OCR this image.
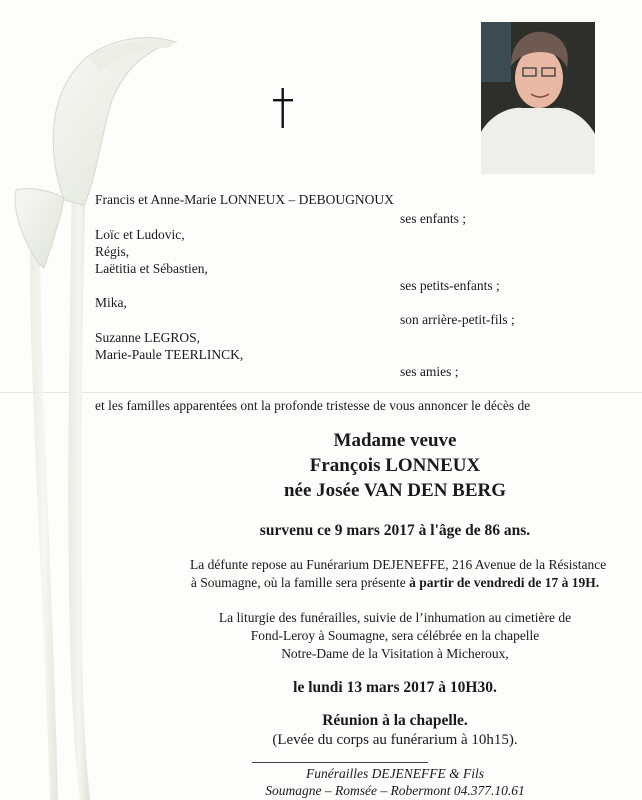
Francis et Anne-Marie LONNEUX – DEBOUGNOUX
ses enfants ;
Loïc et Ludovic,
Régis,
Laëtitia et Sébastien,
ses petits-enfants ;
Mika,
son arrière-petit-fils ;
Suzanne LEGROS,
Marie-Paule TEERLINCK,
ses amies ;
et les familles apparentées ont la profonde tristesse de vous annoncer le décès de
Madame veuve
François LONNEUX
née Josée VAN DEN BERG
survenu ce 9 mars 2017 à l'âge de 86 ans.
La défunte repose au Funérarium DEJENEFFE, 216 Avenue de la Résistance
à Soumagne, où la famille sera présente à partir de vendredi de 17 à 19H.
La liturgie des funérailles, suivie de l’inhumation au cimetière de
Fond-Leroy à Soumagne, sera célébrée en la chapelle
Notre-Dame de la Visitation à Micheroux,
le lundi 13 mars 2017 à 10H30.
Réunion à la chapelle.
(Levée du corps au funérarium à 10h15).
Funérailles DEJENEFFE & Fils
Soumagne – Romsée – Robermont 04.377.10.61
